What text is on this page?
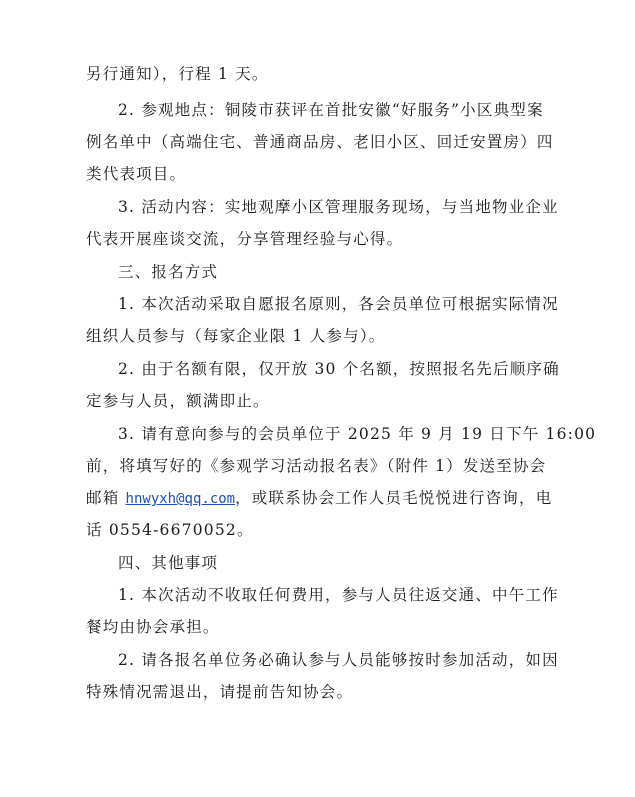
另行通知），行程 1 天。
2. 参观地点：铜陵市获评在首批安徽“好服务”小区典型案
例名单中（高端住宅、普通商品房、老旧小区、回迁安置房）四
类代表项目。
3. 活动内容：实地观摩小区管理服务现场，与当地物业企业
代表开展座谈交流，分享管理经验与心得。
三、报名方式
1. 本次活动采取自愿报名原则，各会员单位可根据实际情况
组织人员参与（每家企业限 1 人参与）。
2. 由于名额有限，仅开放 30 个名额，按照报名先后顺序确
定参与人员，额满即止。
3. 请有意向参与的会员单位于 2025 年 9 月 19 日下午 16:00
前，将填写好的《参观学习活动报名表》（附件 1）发送至协会
邮箱 hnwyxh@qq.com，或联系协会工作人员毛悦悦进行咨询，电
话 0554-6670052。
四、其他事项
1. 本次活动不收取任何费用，参与人员往返交通、中午工作
餐均由协会承担。
2. 请各报名单位务必确认参与人员能够按时参加活动，如因
特殊情况需退出，请提前告知协会。
